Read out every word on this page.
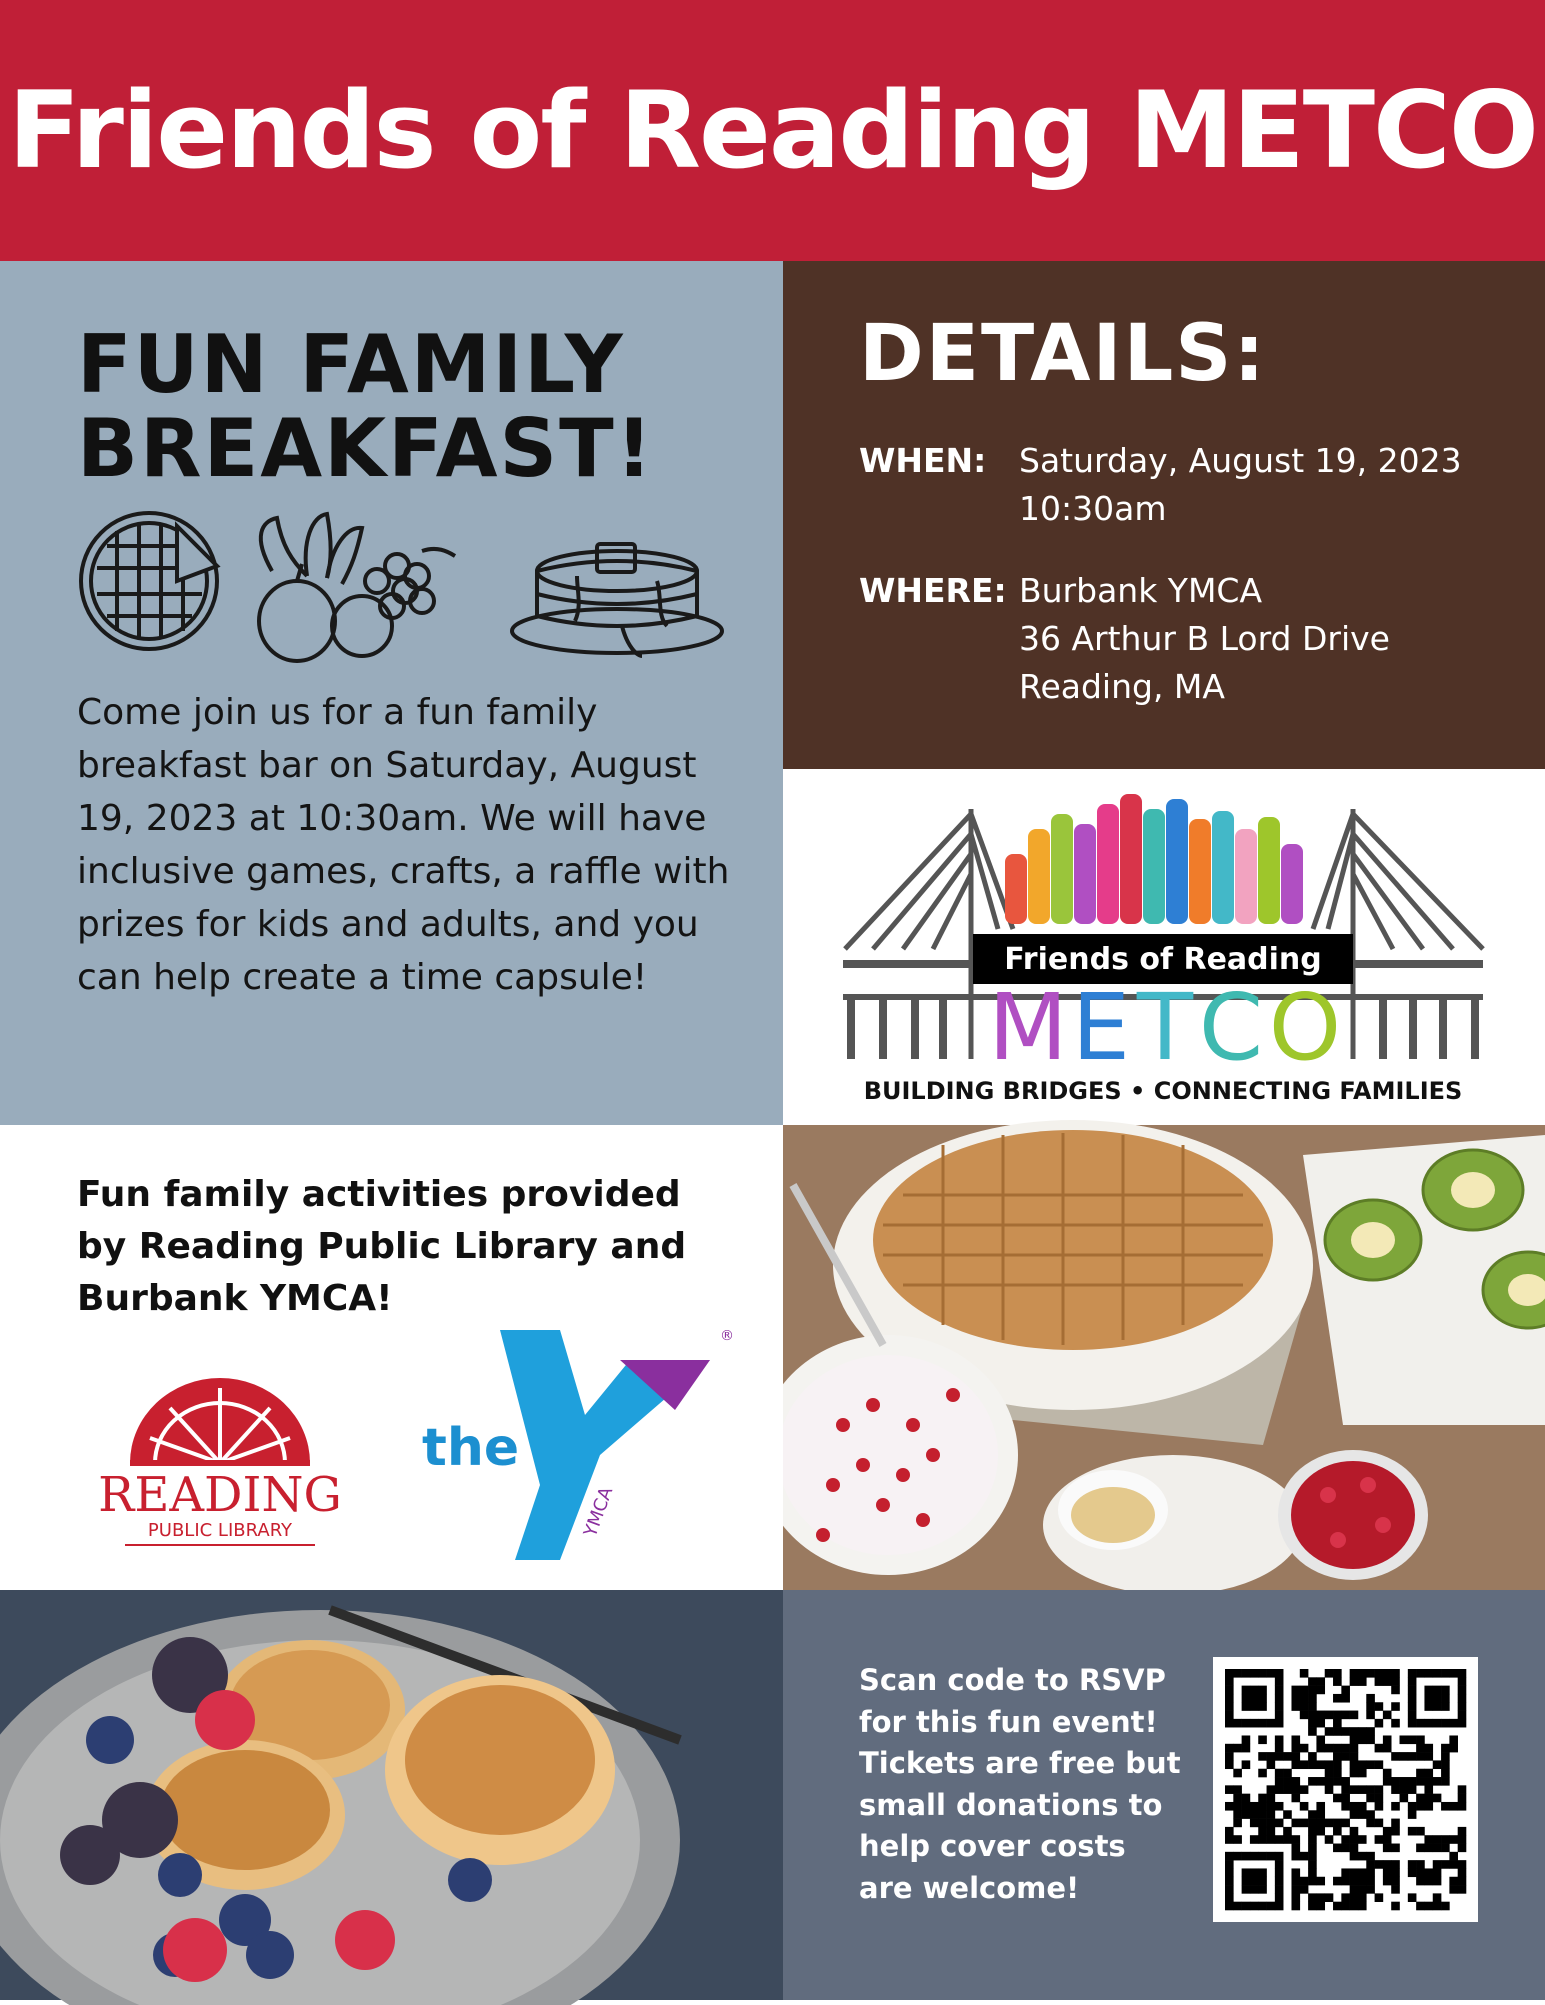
Friends of Reading METCO
FUN FAMILY
BREAKFAST!

Come join us for a fun family breakfast bar on Saturday, August 19, 2023 at 10:30am. We will have inclusive games, crafts, a raffle with prizes for kids and adults, and you can help create a time capsule!

DETAILS:
WHEN: Saturday, August 19, 2023
10:30am
WHERE: Burbank YMCA
36 Arthur B Lord Drive
Reading, MA
Friends of Reading
M E T C O
BUILDING BRIDGES • CONNECTING FAMILIES

Fun family activities provided by Reading Public Library and Burbank YMCA!

READING
PUBLIC LIBRARY
the
®
YMCA

Scan code to RSVP for this fun event! Tickets are free but small donations to help cover costs are welcome!
